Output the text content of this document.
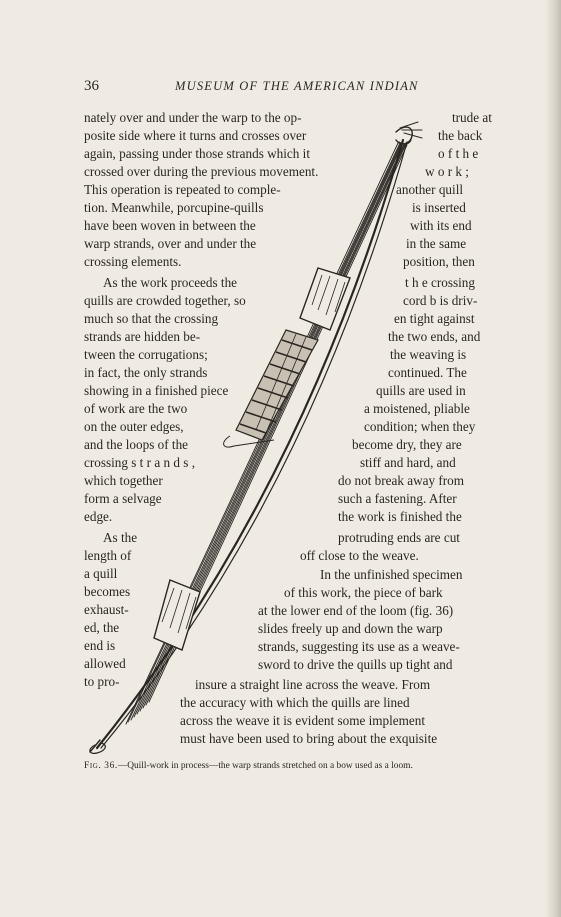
36	MUSEUM OF THE AMERICAN INDIAN
nately over and under the warp to the op-
posite side where it turns and crosses over
again, passing under those strands which it
crossed over during the previous movement.
This operation is repeated to comple-
tion. Meanwhile, porcupine-quills
have been woven in between the
warp strands, over and under the
crossing elements.
As the work proceeds the
quills are crowded together, so
much so that the crossing
strands are hidden be-
tween the corrugations;
in fact, the only strands
showing in a finished piece
of work are the two
on the outer edges,
and the loops of the
crossing s t r a n d s ,
which together
form a selvage
edge.
As the
length of
a quill
becomes
exhaust-
ed, the
end is
allowed
to pro-
trude at
the back
o f t h e
w o r k ;
another quill
is inserted
with its end
in the same
position, then
t h e crossing
cord b is driv-
en tight against
the two ends, and
the weaving is
continued. The
quills are used in
a moistened, pliable
condition; when they
become dry, they are
stiff and hard, and
do not break away from
such a fastening. After
the work is finished the
protruding ends are cut
off close to the weave.
In the unfinished specimen
of this work, the piece of bark
at the lower end of the loom (fig. 36)
slides freely up and down the warp
strands, suggesting its use as a weave-
sword to drive the quills up tight and
insure a straight line across the weave. From
the accuracy with which the quills are lined
across the weave it is evident some implement
must have been used to bring about the exquisite
Fig. 36.—Quill-work in process—the warp strands stretched on a bow used as a loom.
